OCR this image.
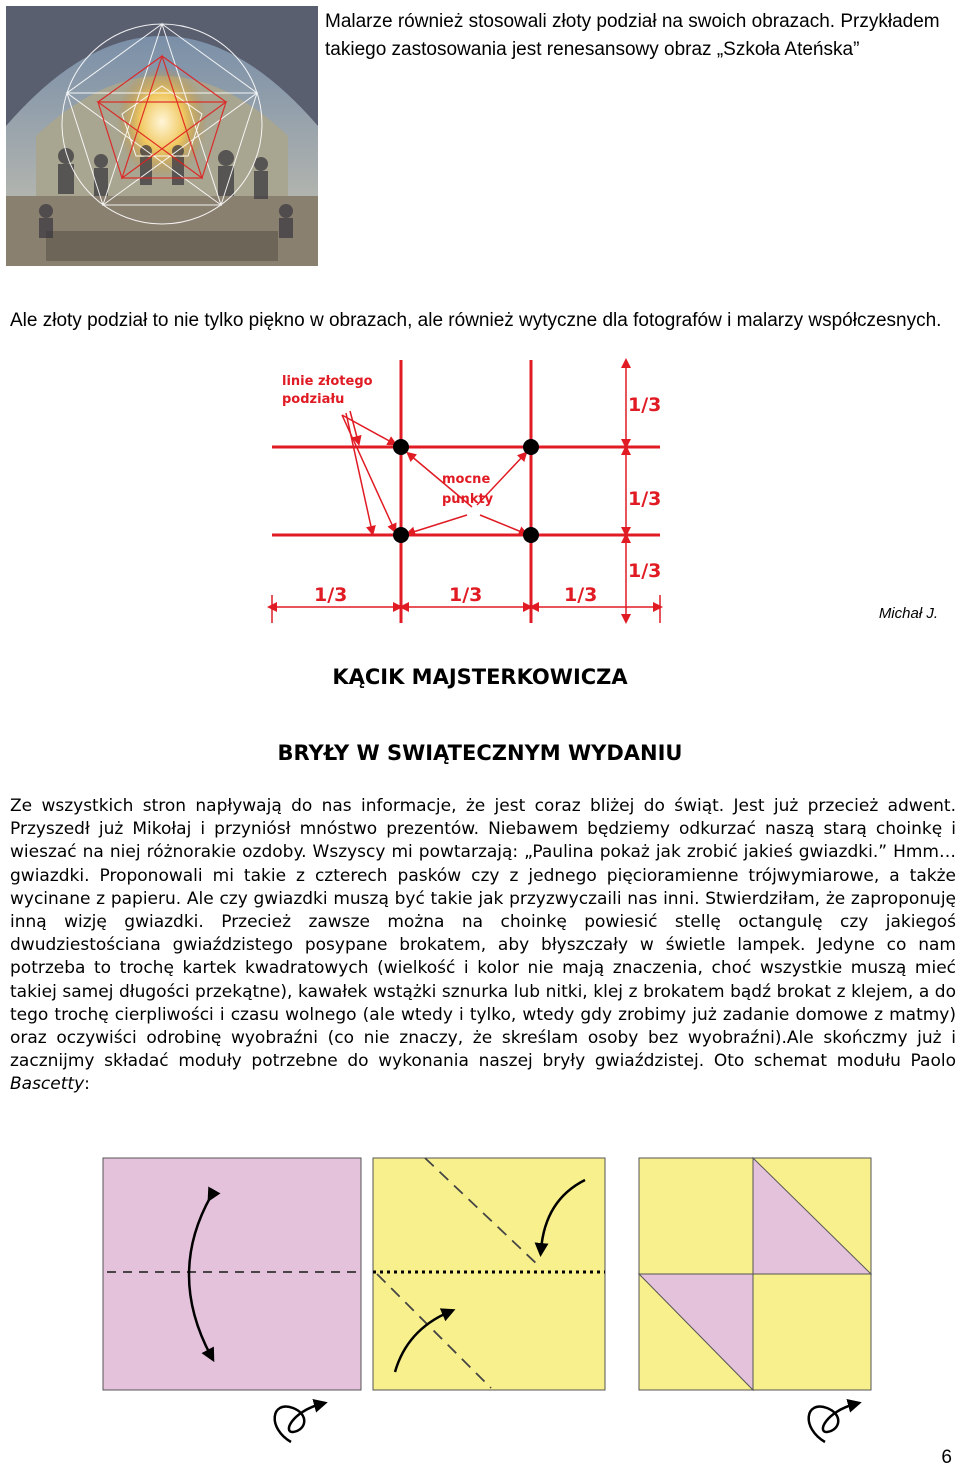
Malarze również stosowali złoty podział na swoich obrazach. Przykładem
takiego zastosowania jest renesansowy obraz „Szkoła Ateńska”
Ale złoty podział to nie tylko piękno w obrazach, ale również wytyczne dla fotografów i malarzy współczesnych.
linie złotego
podziału
mocne
punkty
1/3	1/3	1/3
1/3
1/3
1/3
Michał J.
KĄCIK MAJSTERKOWICZA
BRYŁY W SWIĄTECZNYM WYDANIU
Ze wszystkich stron napływają do nas informacje, że jest coraz bliżej do świąt. Jest już przecież adwent. Przyszedł już Mikołaj i przyniósł mnóstwo prezentów. Niebawem będziemy odkurzać naszą starą choinkę i wieszać na niej różnorakie ozdoby. Wszyscy mi powtarzają: „Paulina pokaż jak zrobić jakieś gwiazdki.” Hmm… gwiazdki. Proponowali mi takie z czterech pasków czy z jednego pięcioramienne trójwymiarowe, a także wycinane z papieru. Ale czy gwiazdki muszą być takie jak przyzwyczaili nas inni. Stwierdziłam, że zaproponuję inną wizję gwiazdki. Przecież zawsze można na choinkę powiesić stellę octangulę czy jakiegoś dwudziestościana gwiaździstego posypane brokatem, aby błyszczały w świetle lampek. Jedyne co nam potrzeba to trochę kartek kwadratowych (wielkość i kolor nie mają znaczenia, choć wszystkie muszą mieć takiej samej długości przekątne), kawałek wstążki sznurka lub nitki, klej z brokatem bądź brokat z klejem, a do tego trochę cierpliwości i czasu wolnego (ale wtedy i tylko, wtedy gdy zrobimy już zadanie domowe z matmy) oraz oczywiści odrobinę wyobraźni (co nie znaczy, że skreślam osoby bez wyobraźni).Ale skończmy już i zacznijmy składać moduły potrzebne do wykonania naszej bryły gwiaździstej. Oto schemat modułu Paolo Bascetty:
6
